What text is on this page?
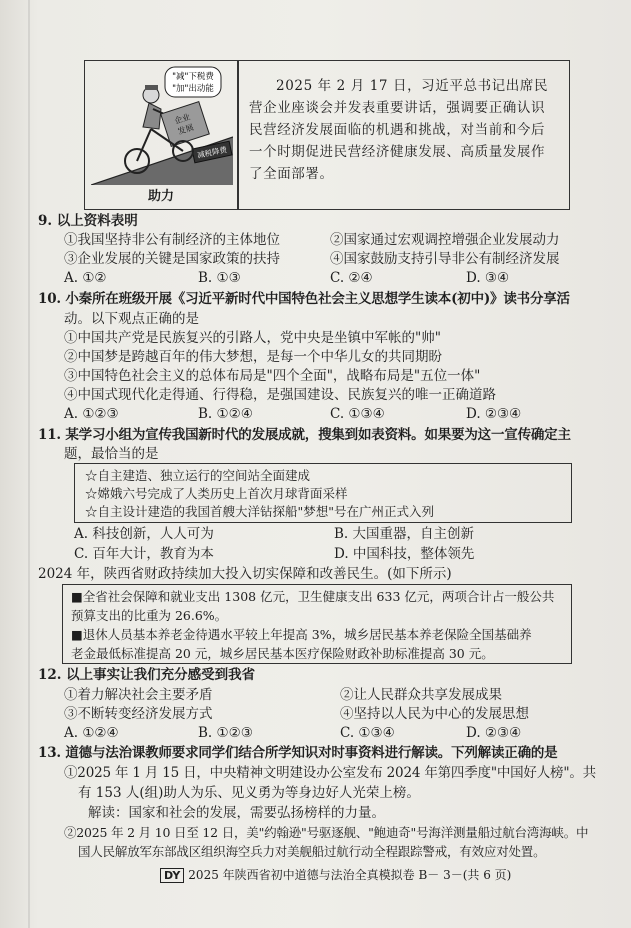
"减"下税费
"加"出动能
企业
发展
减税降费
助力
2025 年 2 月 17 日，习近平总书记出席民营企业座谈会并发表重要讲话，强调要正确认识民营经济发展面临的机遇和挑战，对当前和今后一个时期促进民营经济健康发展、高质量发展作了全面部署。
9. 以上资料表明
①我国坚持非公有制经济的主体地位	②国家通过宏观调控增强企业发展动力
③企业发展的关键是国家政策的扶持	④国家鼓励支持引导非公有制经济发展
A. ①②	B. ①③	C. ②④	D. ③④
10. 小秦所在班级开展《习近平新时代中国特色社会主义思想学生读本(初中)》读书分享活
动。以下观点正确的是
①中国共产党是民族复兴的引路人，党中央是坐镇中军帐的"帅"
②中国梦是跨越百年的伟大梦想，是每一个中华儿女的共同期盼
③中国特色社会主义的总体布局是"四个全面"，战略布局是"五位一体"
④中国式现代化走得通、行得稳，是强国建设、民族复兴的唯一正确道路
A. ①②③	B. ①②④	C. ①③④	D. ②③④
11. 某学习小组为宣传我国新时代的发展成就，搜集到如表资料。如果要为这一宣传确定主
题，最恰当的是
☆自主建造、独立运行的空间站全面建成
☆嫦娥六号完成了人类历史上首次月球背面采样
☆自主设计建造的我国首艘大洋钻探船"梦想"号在广州正式入列
A. 科技创新，人人可为	B. 大国重器，自主创新
C. 百年大计，教育为本	D. 中国科技，整体领先
2024 年，陕西省财政持续加大投入切实保障和改善民生。(如下所示)
■全省社会保障和就业支出 1308 亿元，卫生健康支出 633 亿元，两项合计占一般公共
预算支出的比重为 26.6%。
■退休人员基本养老金待遇水平较上年提高 3%，城乡居民基本养老保险全国基础养
老金最低标准提高 20 元，城乡居民基本医疗保险财政补助标准提高 30 元。
12. 以上事实让我们充分感受到我省
①着力解决社会主要矛盾	②让人民群众共享发展成果
③不断转变经济发展方式	④坚持以人民为中心的发展思想
A. ①②④	B. ①②③	C. ①③④	D. ②③④
13. 道德与法治课教师要求同学们结合所学知识对时事资料进行解读。下列解读正确的是
①2025 年 1 月 15 日，中央精神文明建设办公室发布 2024 年第四季度"中国好人榜"。共
有 153 人(组)助人为乐、见义勇为等身边好人光荣上榜。
解读：国家和社会的发展，需要弘扬榜样的力量。
②2025 年 2 月 10 日至 12 日，美"约翰逊"号驱逐舰、"鲍迪奇"号海洋测量船过航台湾海峡。中
国人民解放军东部战区组织海空兵力对美舰船过航行动全程跟踪警戒，有效应对处置。
DY 2025 年陕西省初中道德与法治全真模拟卷 B－ 3－(共 6 页)
